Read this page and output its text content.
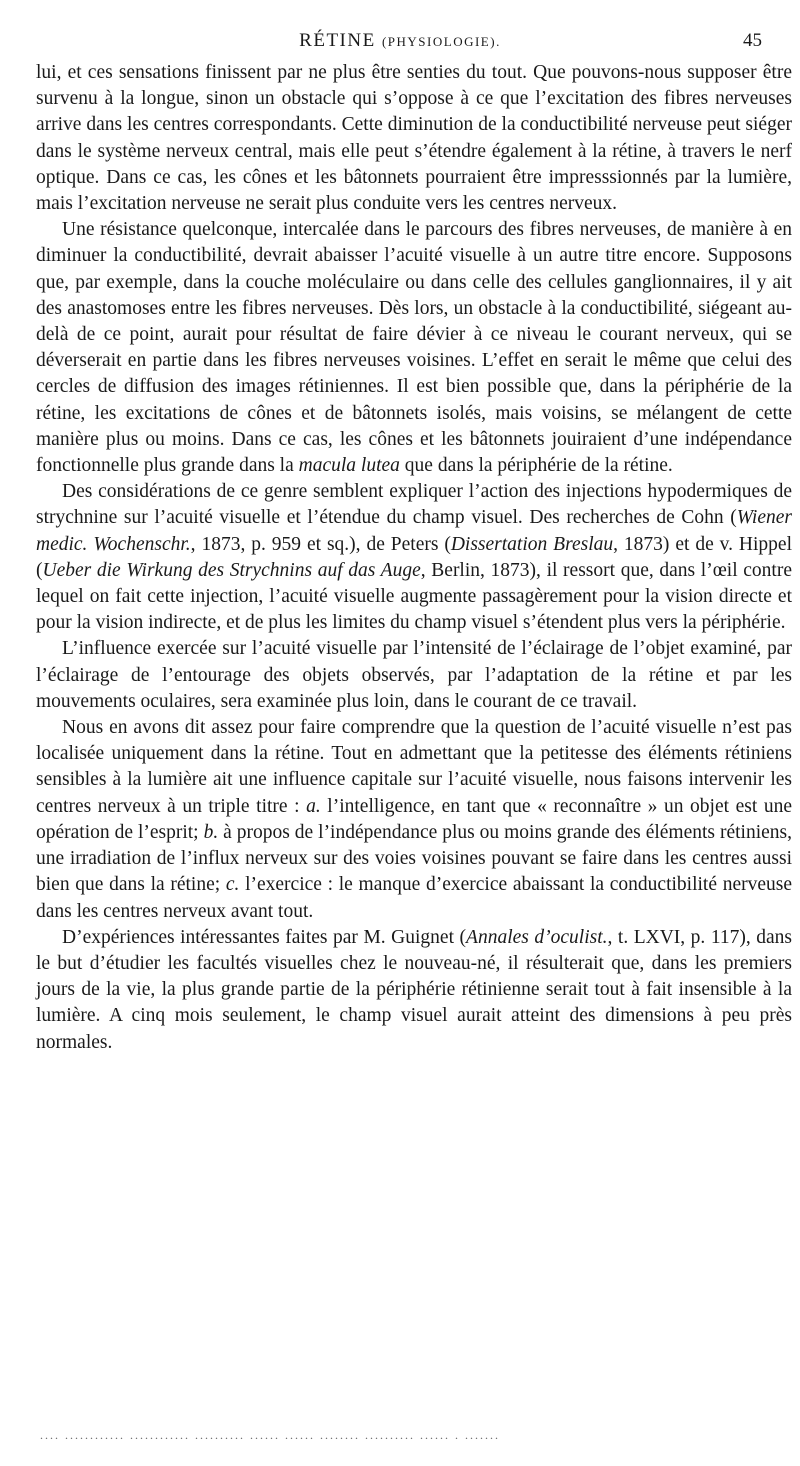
RÉTINE (PHYSIOLOGIE).	45

lui, et ces sensations finissent par ne plus être senties du tout. Que pouvons-nous supposer être survenu à la longue, sinon un obstacle qui s’oppose à ce que l’excitation des fibres nerveuses arrive dans les centres correspondants. Cette diminution de la conductibilité nerveuse peut siéger dans le système nerveux central, mais elle peut s’étendre également à la rétine, à travers le nerf optique. Dans ce cas, les cônes et les bâtonnets pourraient être impresssionnés par la lumière, mais l’excitation nerveuse ne serait plus conduite vers les centres nerveux.

Une résistance quelconque, intercalée dans le parcours des fibres nerveuses, de manière à en diminuer la conductibilité, devrait abaisser l’acuité visuelle à un autre titre encore. Supposons que, par exemple, dans la couche moléculaire ou dans celle des cellules ganglionnaires, il y ait des anastomoses entre les fibres nerveuses. Dès lors, un obstacle à la conductibilité, siégeant au-delà de ce point, aurait pour résultat de faire dévier à ce niveau le courant nerveux, qui se déverserait en partie dans les fibres nerveuses voisines. L’effet en serait le même que celui des cercles de diffusion des images rétiniennes. Il est bien possible que, dans la périphérie de la rétine, les excitations de cônes et de bâtonnets isolés, mais voisins, se mélangent de cette manière plus ou moins. Dans ce cas, les cônes et les bâtonnets jouiraient d’une indépendance fonctionnelle plus grande dans la macula lutea que dans la périphérie de la rétine.

Des considérations de ce genre semblent expliquer l’action des injections hypodermiques de strychnine sur l’acuité visuelle et l’étendue du champ visuel. Des recherches de Cohn (Wiener medic. Wochenschr., 1873, p. 959 et sq.), de Peters (Dissertation Breslau, 1873) et de v. Hippel (Ueber die Wirkung des Strychnins auf das Auge, Berlin, 1873), il ressort que, dans l’œil contre lequel on fait cette injection, l’acuité visuelle augmente passagèrement pour la vision directe et pour la vision indirecte, et de plus les limites du champ visuel s’étendent plus vers la périphérie.

L’influence exercée sur l’acuité visuelle par l’intensité de l’éclairage de l’objet examiné, par l’éclairage de l’entourage des objets observés, par l’adaptation de la rétine et par les mouvements oculaires, sera examinée plus loin, dans le courant de ce travail.

Nous en avons dit assez pour faire comprendre que la question de l’acuité visuelle n’est pas localisée uniquement dans la rétine. Tout en admettant que la petitesse des éléments rétiniens sensibles à la lumière ait une influence capitale sur l’acuité visuelle, nous faisons intervenir les centres nerveux à un triple titre : a. l’intelligence, en tant que « reconnaître » un objet est une opération de l’esprit; b. à propos de l’indépendance plus ou moins grande des éléments rétiniens, une irradiation de l’influx nerveux sur des voies voisines pouvant se faire dans les centres aussi bien que dans la rétine; c. l’exercice : le manque d’exercice abaissant la conductibilité nerveuse dans les centres nerveux avant tout.

D’expériences intéressantes faites par M. Guignet (Annales d’oculist., t. LXVI, p. 117), dans le but d’étudier les facultés visuelles chez le nouveau-né, il résulterait que, dans les premiers jours de la vie, la plus grande partie de la périphérie rétinienne serait tout à fait insensible à la lumière. A cinq mois seulement, le champ visuel aurait atteint des dimensions à peu près normales.

.... ............ ............ .......... ...... ...... ........ .......... ...... . .......
